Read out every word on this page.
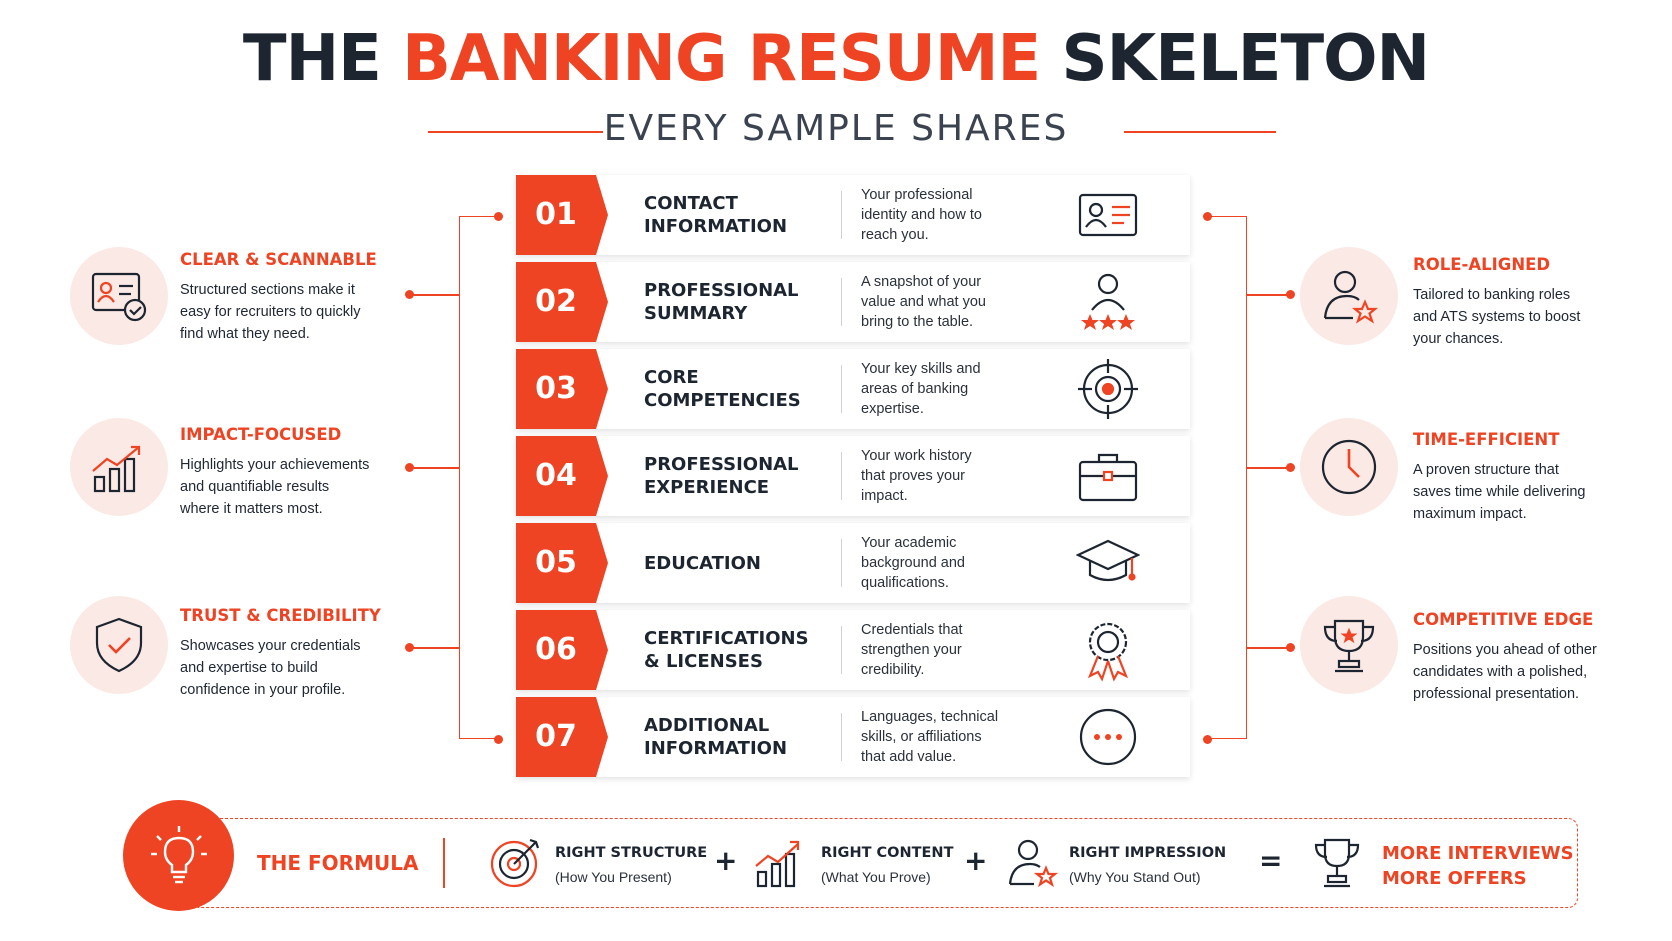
THE BANKING RESUME SKELETON
EVERY SAMPLE SHARES
01	CONTACT
INFORMATION
Your professional
identity and how to
reach you.
02	PROFESSIONAL
SUMMARY
A snapshot of your
value and what you
bring to the table.
03	CORE
COMPETENCIES
Your key skills and
areas of banking
expertise.
04	PROFESSIONAL
EXPERIENCE
Your work history
that proves your
impact.
05	EDUCATION
Your academic
background and
qualifications.
06	CERTIFICATIONS
& LICENSES
Credentials that
strengthen your
credibility.
07	ADDITIONAL
INFORMATION
Languages, technical
skills, or affiliations
that add value.
CLEAR & SCANNABLE
Structured sections make it
easy for recruiters to quickly
find what they need.
IMPACT-FOCUSED
Highlights your achievements
and quantifiable results
where it matters most.
TRUST & CREDIBILITY
Showcases your credentials
and expertise to build
confidence in your profile.
ROLE-ALIGNED
Tailored to banking roles
and ATS systems to boost
your chances.
TIME-EFFICIENT
A proven structure that
saves time while delivering
maximum impact.
COMPETITIVE EDGE
Positions you ahead of other
candidates with a polished,
professional presentation.
THE FORMULA	RIGHT STRUCTURE
(How You Present) +	RIGHT CONTENT
(What You Prove) +	RIGHT IMPRESSION
(Why You Stand Out) =	MORE INTERVIEWS
MORE OFFERS
